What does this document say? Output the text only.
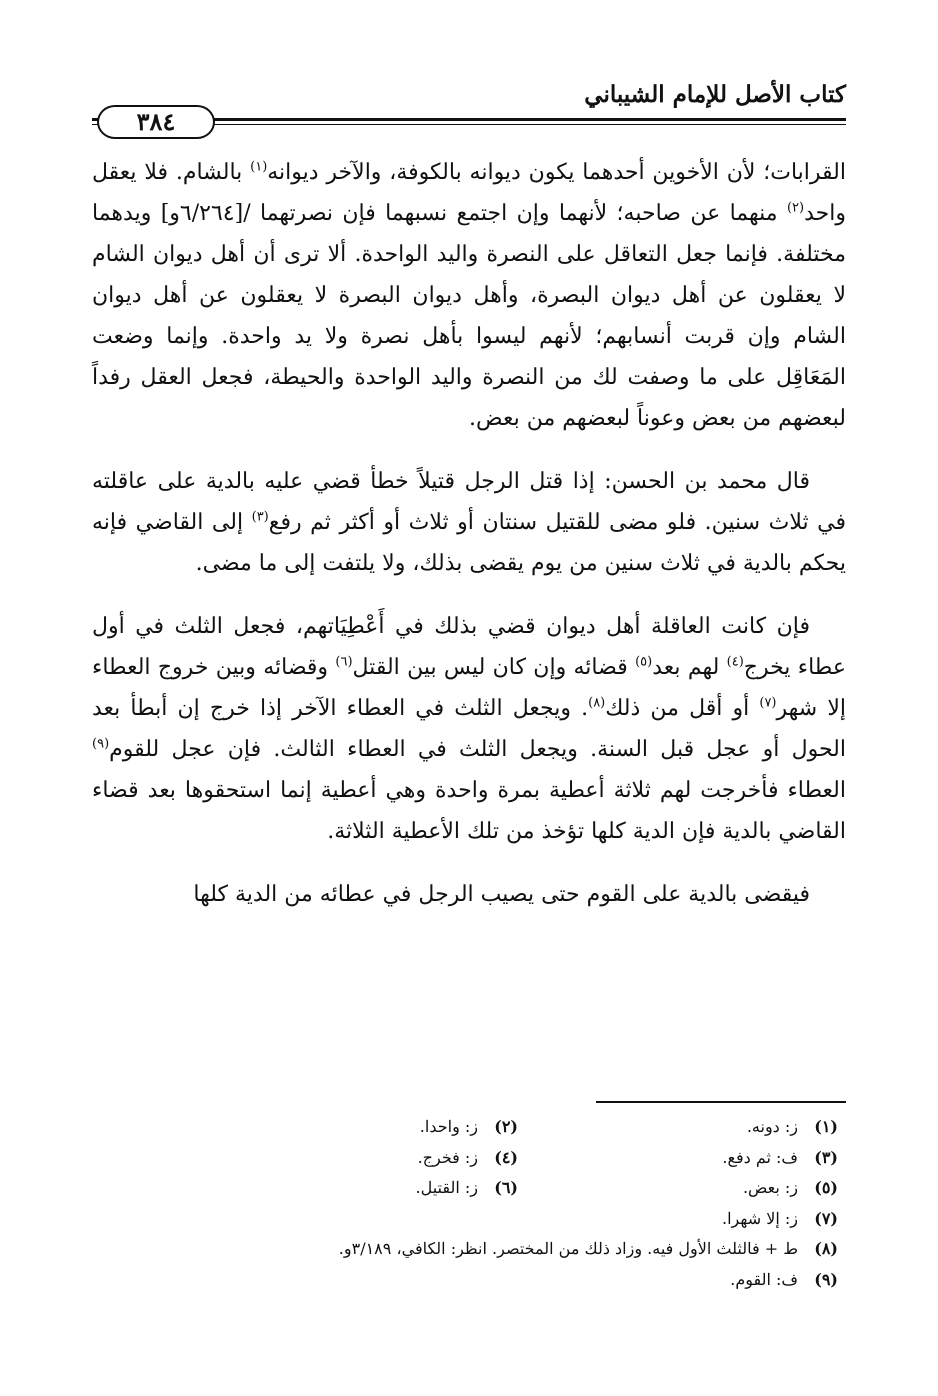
كتاب الأصل للإمام الشيباني
٣٨٤

القرابات؛ لأن الأخوين أحدهما يكون ديوانه بالكوفة، والآخر ديوانه$^{(١)}$ بالشام. فلا يعقل واحد$^{(٢)}$ منهما عن صاحبه؛ لأنهما وإن اجتمع نسبهما فإن نصرتهما /[٦/٢٦٤و] ويدهما مختلفة. فإنما جعل التعاقل على النصرة واليد الواحدة. ألا ترى أن أهل ديوان الشام لا يعقلون عن أهل ديوان البصرة، وأهل ديوان البصرة لا يعقلون عن أهل ديوان الشام وإن قربت أنسابهم؛ لأنهم ليسوا بأهل نصرة ولا يد واحدة. وإنما وضعت المَعَاقِل على ما وصفت لك من النصرة واليد الواحدة والحيطة، فجعل العقل رفداً لبعضهم من بعض وعوناً لبعضهم من بعض.

قال محمد بن الحسن: إذا قتل الرجل قتيلاً خطأ قضي عليه بالدية على عاقلته في ثلاث سنين. فلو مضى للقتيل سنتان أو ثلاث أو أكثر ثم رفع$^{(٣)}$ إلى القاضي فإنه يحكم بالدية في ثلاث سنين من يوم يقضى بذلك، ولا يلتفت إلى ما مضى.

فإن كانت العاقلة أهل ديوان قضي بذلك في أَعْطِيَاتهم، فجعل الثلث في أول عطاء يخرج$^{(٤)}$ لهم بعد$^{(٥)}$ قضائه وإن كان ليس بين القتل$^{(٦)}$ وقضائه وبين خروج العطاء إلا شهر$^{(٧)}$ أو أقل من ذلك$^{(٨)}$. ويجعل الثلث في العطاء الآخر إذا خرج إن أبطأ بعد الحول أو عجل قبل السنة. ويجعل الثلث في العطاء الثالث. فإن عجل للقوم$^{(٩)}$ العطاء فأخرجت لهم ثلاثة أعطية بمرة واحدة وهي أعطية إنما استحقوها بعد قضاء القاضي بالدية فإن الدية كلها تؤخذ من تلك الأعطية الثلاثة.

فيقضى بالدية على القوم حتى يصيب الرجل في عطائه من الدية كلها

(١)
ز: دونه.
(٢)
ز: واحدا.
(٣)
ف: ثم دفع.
(٤)
ز: فخرج.
(٥)
ز: بعض.
(٦)
ز: القتيل.
(٧)
ز: إلا شهرا.
(٨)
ط + فالثلث الأول فيه. وزاد ذلك من المختصر. انظر: الكافي، ٣/١٨٩و.
(٩)
ف: القوم.
